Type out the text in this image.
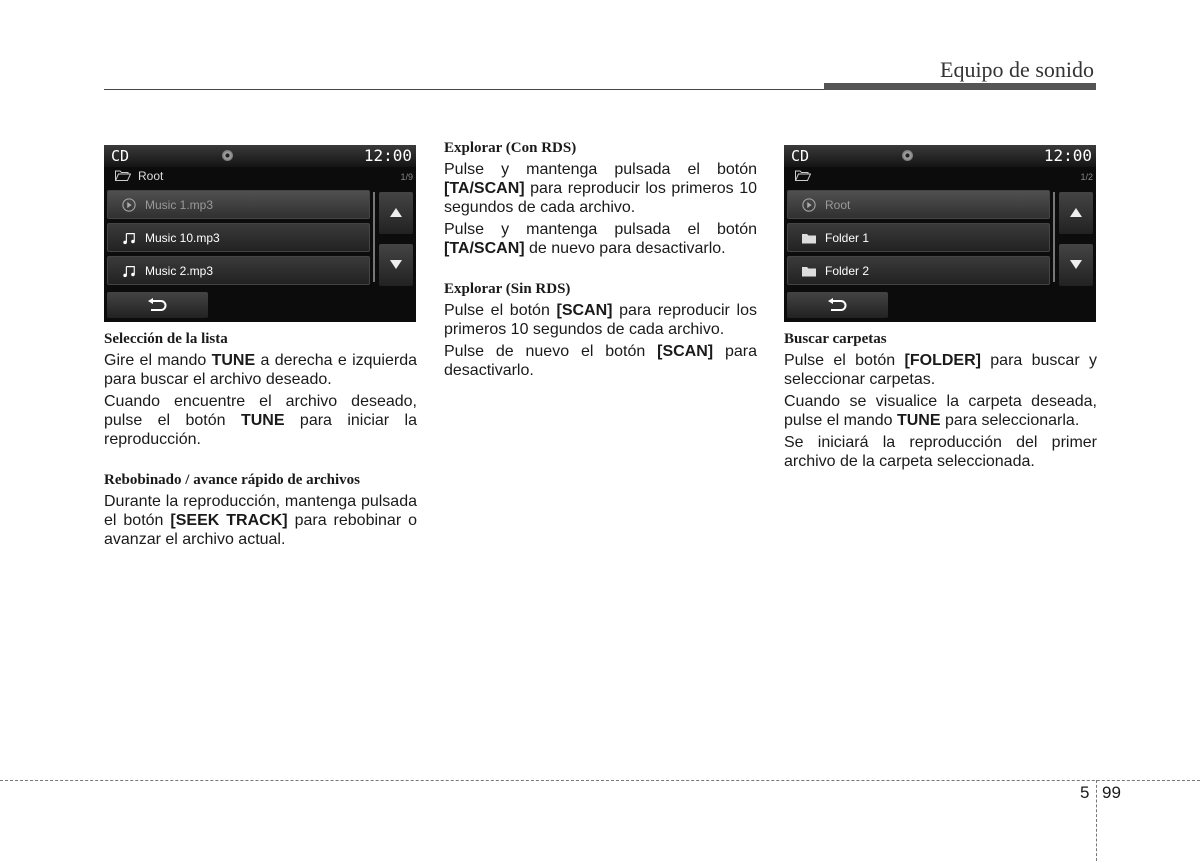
Equipo de sonido
CD	12:00
Root	1/9
Music 1.mp3
Music 10.mp3
Music 2.mp3
Selección de la lista

Gire el mando TUNE a derecha e izquierda para buscar el archivo deseado.

Cuando encuentre el archivo deseado, pulse el botón TUNE para iniciar la reproducción.

Rebobinado / avance rápido de archivos

Durante la reproducción, mantenga pulsada el botón [SEEK TRACK] para rebobinar o avanzar el archivo actual.

Explorar (Con RDS)

Pulse y mantenga pulsada el botón [TA/SCAN] para reproducir los primeros 10 segundos de cada archivo.

Pulse y mantenga pulsada el botón [TA/SCAN] de nuevo para desactivarlo.

Explorar (Sin RDS)

Pulse el botón [SCAN] para reproducir los primeros 10 segundos de cada archivo.

Pulse de nuevo el botón [SCAN] para desactivarlo.

CD	12:00
1/2
Root
Folder 1
Folder 2
Buscar carpetas

Pulse el botón [FOLDER] para buscar y seleccionar carpetas.

Cuando se visualice la carpeta deseada, pulse el mando TUNE para seleccionarla.

Se iniciará la reproducción del primer archivo de la carpeta seleccionada.

5 99
